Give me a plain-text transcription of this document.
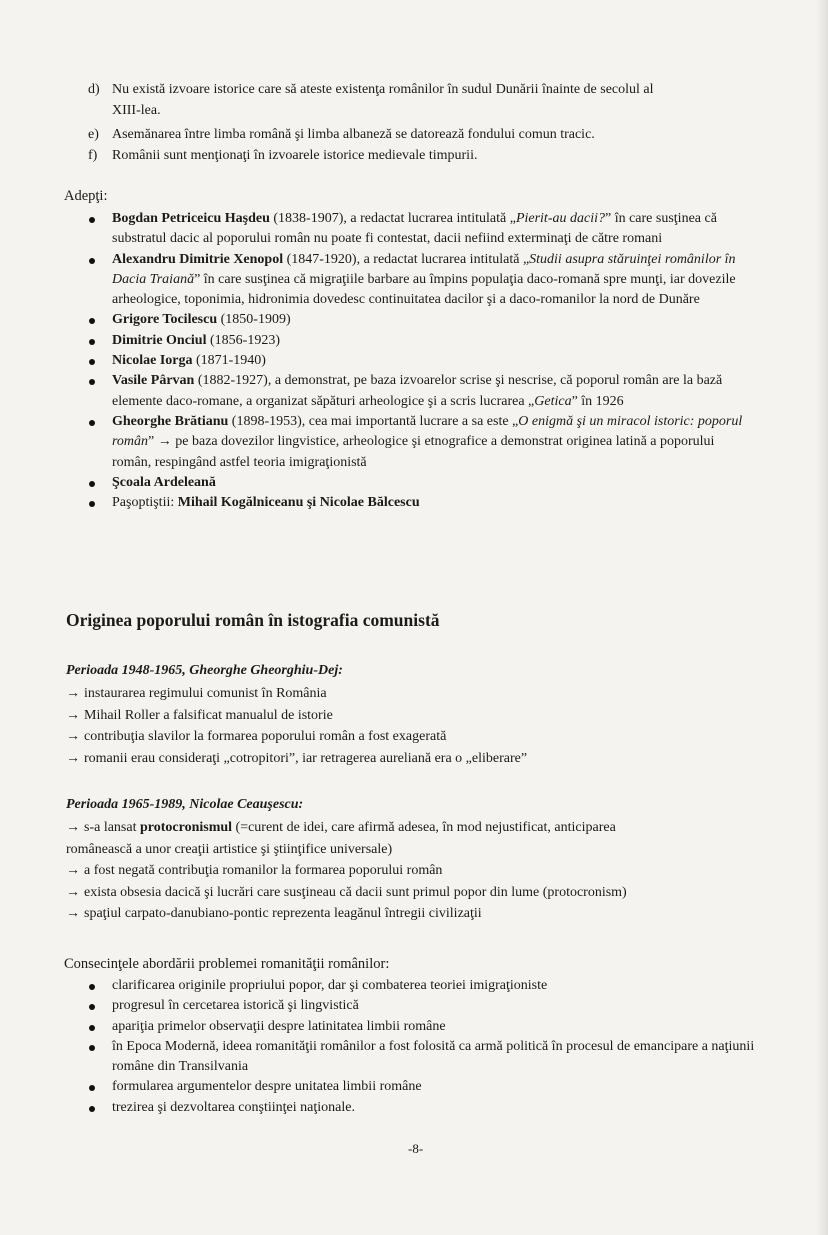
d) Nu există izvoare istorice care să ateste existenţa românilor în sudul Dunării înainte de secolul al
XIII-lea.
e) Asemănarea între limba română şi limba albaneză se datorează fondului comun tracic.
f) Românii sunt menţionaţi în izvoarele istorice medievale timpurii.
Adepţi:
Bogdan Petriceicu Haşdeu (1838-1907), a redactat lucrarea intitulată „Pierit-au dacii?” în care susţinea că substratul dacic al poporului român nu poate fi contestat, dacii nefiind exterminaţi de către romani
Alexandru Dimitrie Xenopol (1847-1920), a redactat lucrarea intitulată „Studii asupra stăruinţei românilor în Dacia Traiană” în care susţinea că migraţiile barbare au împins populaţia daco-romană spre munţi, iar dovezile arheologice, toponimia, hidronimia dovedesc continuitatea dacilor şi a daco-romanilor la nord de Dunăre
Grigore Tocilescu (1850-1909)
Dimitrie Onciul (1856-1923)
Nicolae Iorga (1871-1940)
Vasile Pârvan (1882-1927), a demonstrat, pe baza izvoarelor scrise şi nescrise, că poporul român are la bază elemente daco-romane, a organizat săpături arheologice şi a scris lucrarea „Getica” în 1926
Gheorghe Brătianu (1898-1953), cea mai importantă lucrare a sa este „O enigmă şi un miracol istoric: poporul român” → pe baza dovezilor lingvistice, arheologice şi etnografice a demonstrat originea latină a poporului român, respingând astfel teoria imigraţionistă
Şcoala Ardeleană
Paşoptiştii: Mihail Kogălniceanu şi Nicolae Bălcescu
Originea poporului român în istografia comunistă
Perioada 1948-1965, Gheorghe Gheorghiu-Dej:
→ instaurarea regimului comunist în România
→ Mihail Roller a falsificat manualul de istorie
→ contribuţia slavilor la formarea poporului român a fost exagerată
→ romanii erau consideraţi „cotropitori”, iar retragerea aureliană era o „eliberare”
Perioada 1965-1989, Nicolae Ceauşescu:
→ s-a lansat protocronismul (=curent de idei, care afirmă adesea, în mod nejustificat, anticiparea
românească a unor creaţii artistice şi ştiinţifice universale)
→ a fost negată contribuţia romanilor la formarea poporului român
→ exista obsesia dacică şi lucrări care susţineau că dacii sunt primul popor din lume (protocronism)
→ spaţiul carpato-danubiano-pontic reprezenta leagănul întregii civilizaţii
Consecinţele abordării problemei romanităţii românilor:
clarificarea originile propriului popor, dar şi combaterea teoriei imigraţioniste
progresul în cercetarea istorică şi lingvistică
apariţia primelor observaţii despre latinitatea limbii române
în Epoca Modernă, ideea romanităţii românilor a fost folosită ca armă politică în procesul de emancipare a naţiunii române din Transilvania
formularea argumentelor despre unitatea limbii române
trezirea şi dezvoltarea conştiinţei naţionale.
-8-
